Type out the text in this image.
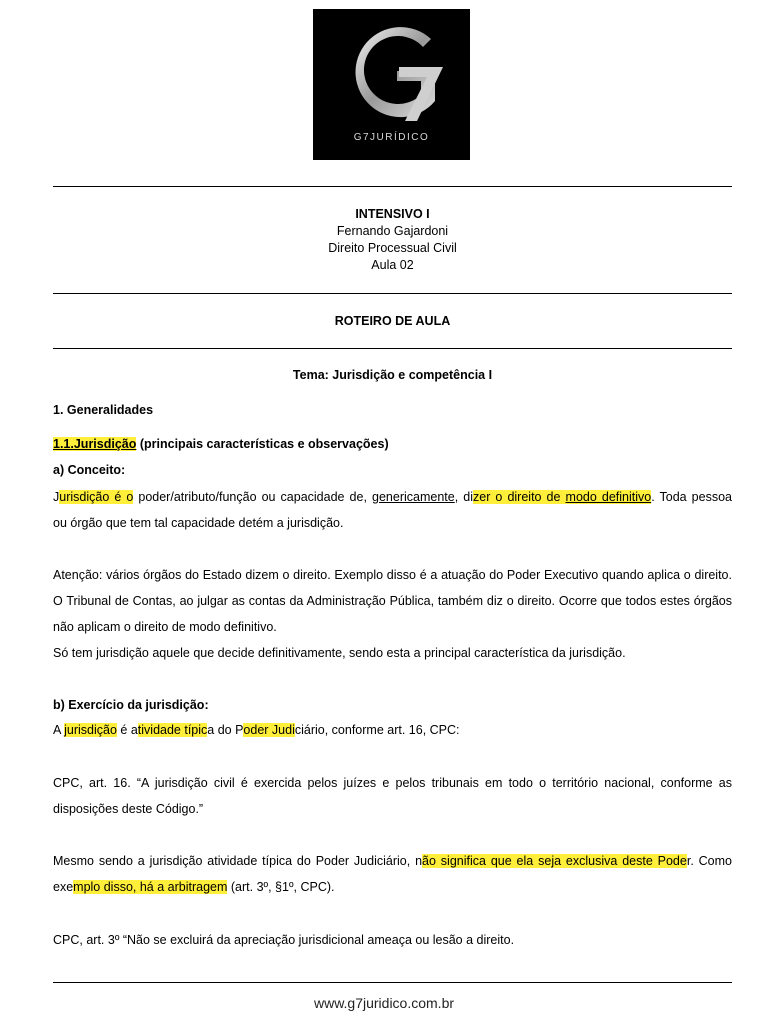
G7JURÍDICO
INTENSIVO I
Fernando Gajardoni
Direito Processual Civil
Aula 02
ROTEIRO DE AULA
Tema: Jurisdição e competência I
1. Generalidades
1.1.Jurisdição (principais características e observações)
a) Conceito:
Jurisdição é o poder/atributo/função ou capacidade de, genericamente, dizer o direito de modo definitivo. Toda pessoa
ou órgão que tem tal capacidade detém a jurisdição.
Atenção: vários órgãos do Estado dizem o direito. Exemplo disso é a atuação do Poder Executivo quando aplica o direito.
O Tribunal de Contas, ao julgar as contas da Administração Pública, também diz o direito. Ocorre que todos estes órgãos
não aplicam o direito de modo definitivo.
Só tem jurisdição aquele que decide definitivamente, sendo esta a principal característica da jurisdição.
b) Exercício da jurisdição:
A jurisdição é atividade típica do Poder Judiciário, conforme art. 16, CPC:
CPC, art. 16. “A jurisdição civil é exercida pelos juízes e pelos tribunais em todo o território nacional, conforme as
disposições deste Código.”
Mesmo sendo a jurisdição atividade típica do Poder Judiciário, não significa que ela seja exclusiva deste Poder. Como
exemplo disso, há a arbitragem (art. 3º, §1º, CPC).
CPC, art. 3º “Não se excluirá da apreciação jurisdicional ameaça ou lesão a direito.
www.g7juridico.com.br
